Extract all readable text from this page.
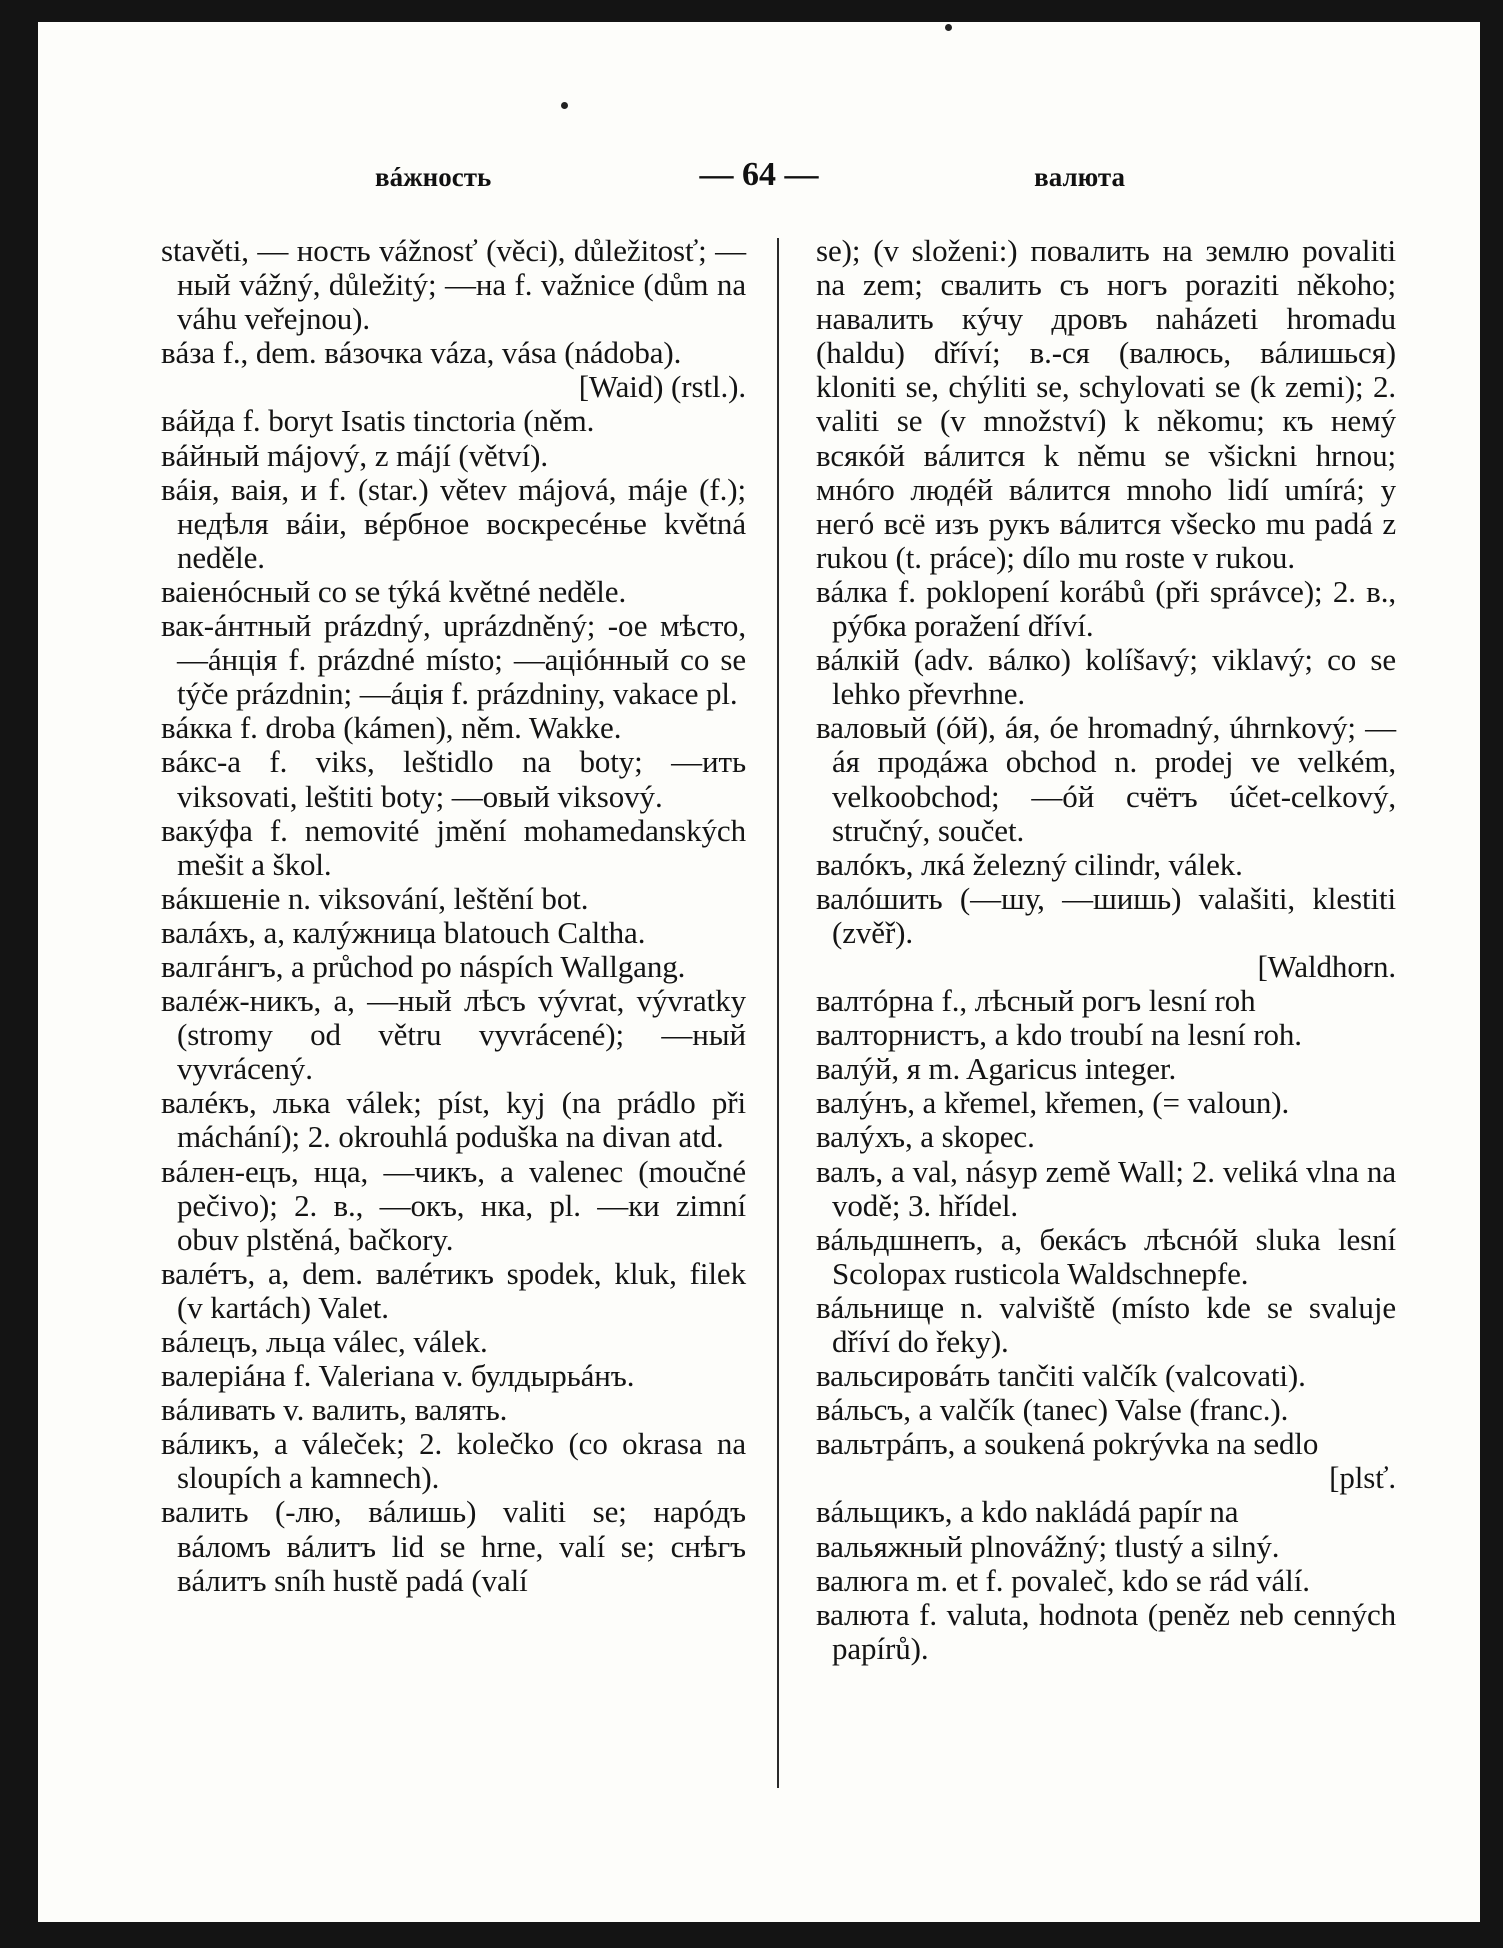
вáжность	— 64 —	валюта

stavěti, — ность vážnosť (věci), důležitosť; —ный vážný, důležitý; —на f. važnice (dům na váhu veřejnou).

вáза f., dem. вáзочка váza, vása (nádoba).

[Waid) (rstl.).

вáйда f. boryt Isatis tinctoria (něm.

вáйный májový, z májí (větví).

вáія, ваія, и f. (star.) větev májová, máje (f.); недѣля вáіи, вéрбное воскресéнье květná neděle.

ваіенóсный co se týká květné neděle.

вак-áнтный prázdný, uprázdněný; -ое мѣсто, —áнція f. prázdné místo; —аціóнный co se týče prázdnin; —áція f. prázdniny, vakace pl.

вáкка f. droba (kámen), něm. Wakke.

вáкс-а f. viks, leštidlo na boty; —ить viksovati, leštiti boty; —овый viksový.

вакýфа f. nemovité jmění mohamedanských mešit a škol.

вáкшеніе n. viksování, leštění bot.

валáхъ, а, калýжница blatouch Caltha.

валгáнгъ, а průchod po náspích Wallgang.

валéж-никъ, а, —ный лѣсъ vývrat, vývratky (stromy od větru vyvrácené); —ный vyvrácený.

валéкъ, лька válek; píst, kyj (na prádlo při máchání); 2. okrouhlá poduška na divan atd.

вáлен-ецъ, нца, —чикъ, а valenec (moučné pečivo); 2. в., —окъ, нка, pl. —ки zimní obuv plstěná, bačkory.

валéтъ, а, dem. валéтикъ spodek, kluk, filek (v kartách) Valet.

вáлецъ, льца válec, válek.

валеріáна f. Valeriana v. булдырьáнъ.

вáливать v. валить, валять.

вáликъ, а váleček; 2. kolečko (co okrasa na sloupích a kamnech).

валить (-лю, вáлишь) valiti se; нарóдъ вáломъ вáлитъ lid se hrne, valí se; снѣгъ вáлитъ sníh hustě padá (valí

se); (v složeni:) повалить на землю povaliti na zem; свалить съ ногъ poraziti někoho; навалить кýчу дровъ naházeti hromadu (haldu) dříví; в.-ся (валюсь, вáлишься) kloniti se, chýliti se, schylovati se (k zemi); 2. valiti se (v množství) k někomu; къ немý всякóй вáлится k němu se všickni hrnou; мнóго людéй вáлится mnoho lidí umírá; у негó всё изъ рукъ вáлится všecko mu padá z rukou (t. práce); dílo mu roste v rukou.

вáлка f. poklopení korábů (při správce); 2. в., рýбка poražení dříví.

вáлкій (adv. вáлко) kolíšavý; viklavý; co se lehko převrhne.

валовый (óй), áя, óе hromadný, úhrnkový; —áя продáжа obchod n. prodej ve velkém, velkoobchod; —óй счётъ účet-celkový, stručný, součet.

валóкъ, лкá železný cilindr, válek.

валóшить (—шу, —шишь) valašiti, klestiti (zvěř).

[Waldhorn.

валтóрна f., лѣсный рогъ lesní roh

валторнистъ, а kdo troubí na lesní roh.

валýй, я m. Agaricus integer.

валýнъ, а křemel, křemen, (= valoun).

валýхъ, а skopec.

валъ, а val, násyp země Wall; 2. veliká vlna na vodě; 3. hřídel.

вáльдшнепъ, а, бекáсъ лѣснóй sluka lesní Scolopax rusticola Waldschnepfe.

вáльнище n. valviště (místo kde se svaluje dříví do řeky).

вальсировáть tančiti valčík (valcovati).

вáльсъ, а valčík (tanec) Valse (franc.).

вальтрáпъ, а soukená pokrývka na sedlo

[plsť.

вáльщикъ, а kdo nakládá papír na

вальяжный plnovážný; tlustý a silný.

валюга m. et f. povaleč, kdo se rád válí.

валюта f. valuta, hodnota (peněz neb cenných papírů).
